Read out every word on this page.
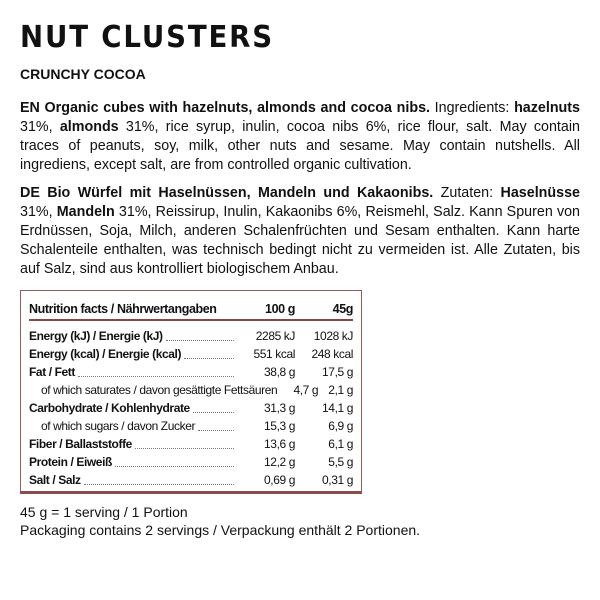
NUT CLUSTERS
CRUNCHY COCOA
EN Organic cubes with hazelnuts, almonds and cocoa nibs. Ingredients: hazelnuts 31%, almonds 31%, rice syrup, inulin, cocoa nibs 6%, rice flour, salt. May contain traces of peanuts, soy, milk, other nuts and sesame. May contain nutshells. All ingrediens, except salt, are from controlled organic cultivation.
DE Bio Würfel mit Haselnüssen, Mandeln und Kakaonibs. Zutaten: Haselnüsse 31%, Mandeln 31%, Reissirup, Inulin, Kakaonibs 6%, Reismehl, Salz. Kann Spuren von Erdnüssen, Soja, Milch, anderen Schalenfrüchten und Sesam enthalten. Kann harte Schalenteile enthalten, was technisch bedingt nicht zu vermeiden ist. Alle Zutaten, bis auf Salz, sind aus kontrolliert biologischem Anbau.
Nutrition facts / Nährwertangaben	100 g	45g
Energy (kJ) / Energie (kJ)	2285 kJ	1028 kJ
Energy (kcal) / Energie (kcal)	551 kcal	248 kcal
Fat / Fett	38,8 g	17,5 g
of which saturates / davon gesättigte Fettsäuren	4,7 g 2,1 g
Carbohydrate / Kohlenhydrate	31,3 g	14,1 g
of which sugars / davon Zucker	15,3 g	6,9 g
Fiber / Ballaststoffe	13,6 g	6,1 g
Protein / Eiweiß	12,2 g	5,5 g
Salt / Salz	0,69 g	0,31 g
45 g = 1 serving / 1 Portion
Packaging contains 2 servings / Verpackung enthält 2 Portionen.
